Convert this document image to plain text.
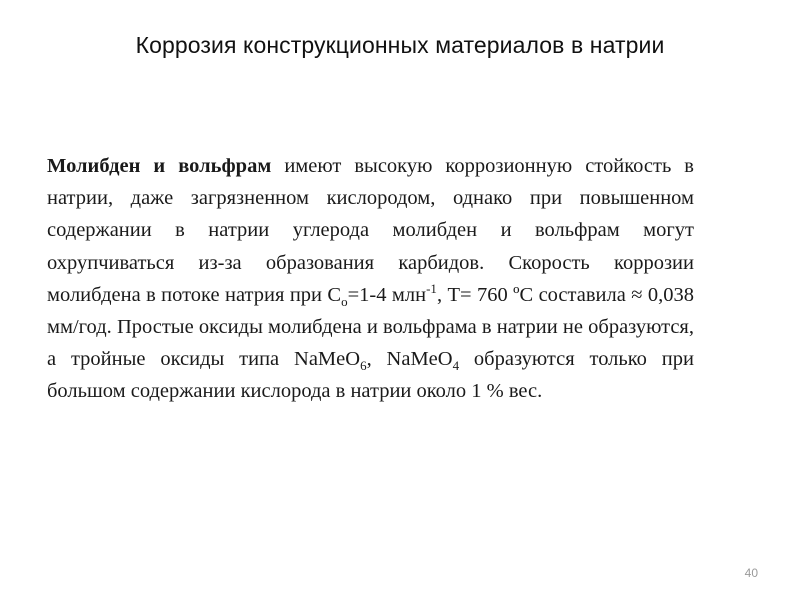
Коррозия конструкционных материалов в натрии

Молибден и вольфрам имеют высокую коррозионную стойкость в натрии, даже загрязненном кислородом, однако при повышенном содержании в натрии углерода молибден и вольфрам могут охрупчиваться из-за образования карбидов. Скорость коррозии молибдена в потоке натрия при $С_о=1-4$ млн$^{-1}$, Т= 760 ºС составила ≈ 0,038 мм/год. Простые оксиды молибдена и вольфрама в натрии не образуются, а тройные оксиды типа NaMeO$_6$, NaMeO$_4$ образуются только при большом содержании кислорода в натрии около 1 % вес.

40
